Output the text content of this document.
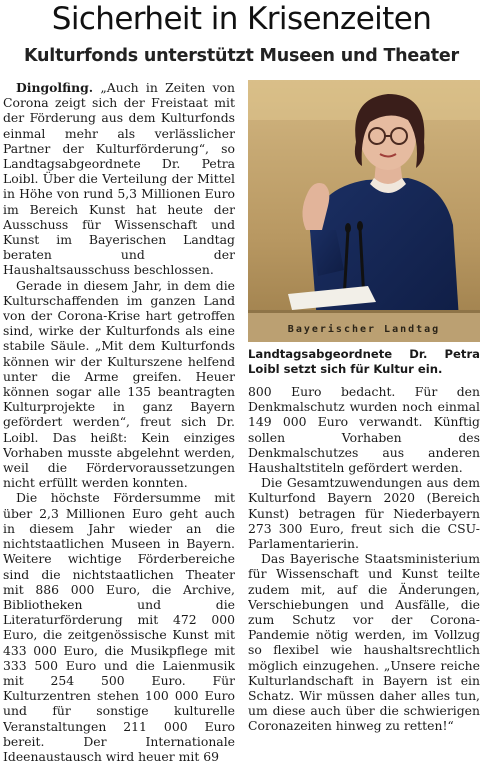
Sicherheit in Krisenzeiten
Kulturfonds unterstützt Museen und Theater
Bayerischer Landtag
Landtagsabgeordnete Dr. Petra Loibl setzt sich für Kultur ein.

Dingolfing. „Auch in Zeiten von Corona zeigt sich der Freistaat mit der Förderung aus dem Kulturfonds einmal mehr als verlässlicher Partner der Kulturförderung“, so Landtagsabgeordnete Dr. Petra Loibl. Über die Verteilung der Mittel in Höhe von rund 5,3 Millionen Euro im Bereich Kunst hat heute der Ausschuss für Wissenschaft und Kunst im Bayerischen Landtag beraten und der Haushaltsausschuss beschlossen.

Gerade in diesem Jahr, in dem die Kulturschaffenden im ganzen Land von der Corona-Krise hart getroffen sind, wirke der Kulturfonds als eine stabile Säule. „Mit dem Kulturfonds können wir der Kulturszene helfend unter die Arme greifen. Heuer können sogar alle 135 beantragten Kulturprojekte in ganz Bayern gefördert werden“, freut sich Dr. Loibl. Das heißt: Kein einziges Vorhaben musste abgelehnt werden, weil die Fördervoraussetzungen nicht erfüllt werden konnten.

Die höchste Fördersumme mit über 2,3 Millionen Euro geht auch in diesem Jahr wieder an die nichtstaatlichen Museen in Bayern. Weitere wichtige Förderbereiche sind die nichtstaatlichen Theater mit 886 000 Euro, die Archive, Bibliotheken und die Literaturförderung mit 472 000 Euro, die zeitgenössische Kunst mit 433 000 Euro, die Musikpflege mit 333 500 Euro und die Laienmusik mit 254 500 Euro. Für Kulturzentren stehen 100 000 Euro und für sonstige kulturelle Veranstaltungen 211 000 Euro bereit. Der Internationale Ideenaustausch wird heuer mit 69

800 Euro bedacht. Für den Denkmalschutz wurden noch einmal 149 000 Euro verwandt. Künftig sollen Vorhaben des Denkmalschutzes aus anderen Haushaltstiteln gefördert werden.

Die Gesamtzuwendungen aus dem Kulturfond Bayern 2020 (Bereich Kunst) betragen für Niederbayern 273 300 Euro, freut sich die CSU-Parlamentarierin.

Das Bayerische Staatsministerium für Wissenschaft und Kunst teilte zudem mit, auf die Änderungen, Verschiebungen und Ausfälle, die zum Schutz vor der Corona-Pandemie nötig werden, im Vollzug so flexibel wie haushaltsrechtlich möglich einzugehen. „Unsere reiche Kulturlandschaft in Bayern ist ein Schatz. Wir müssen daher alles tun, um diese auch über die schwierigen Coronazeiten hinweg zu retten!“
